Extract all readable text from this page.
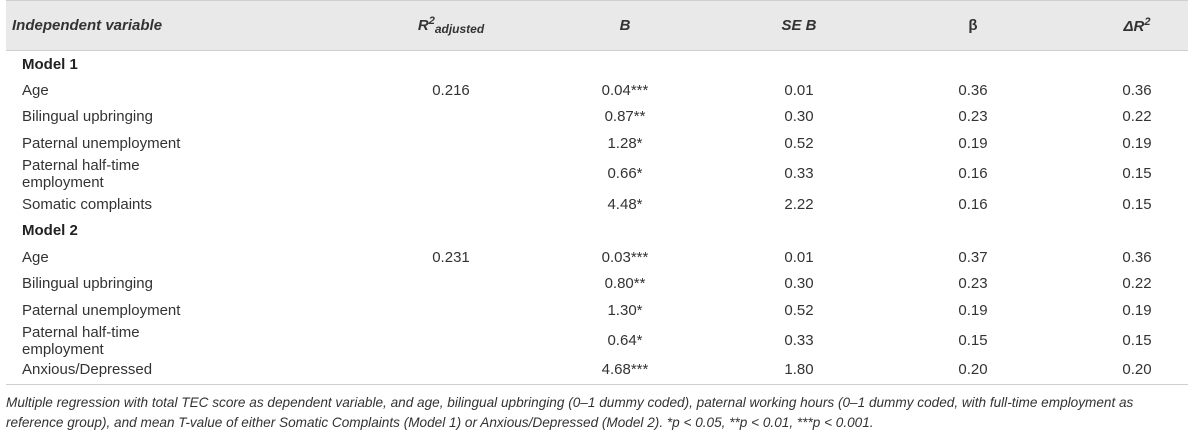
Independent variable		$R^2_{adjusted}$		B		SE B		β		$\Delta R^2$
Model 1										
Age		0.216		0.04***		0.01		0.36		0.36
Bilingual upbringing				0.87**		0.30		0.23		0.22
Paternal unemployment				1.28*		0.52		0.19		0.19
Paternal half-time employment				0.66*		0.33		0.16		0.15
Somatic complaints				4.48*		2.22		0.16		0.15
Model 2										
Age		0.231		0.03***		0.01		0.37		0.36
Bilingual upbringing				0.80**		0.30		0.23		0.22
Paternal unemployment				1.30*		0.52		0.19		0.19
Paternal half-time employment				0.64*		0.33		0.15		0.15
Anxious/Depressed				4.68***		1.80		0.20		0.20
Multiple regression with total TEC score as dependent variable, and age, bilingual upbringing (0–1 dummy coded), paternal working hours (0–1 dummy coded, with full-time employment as reference group), and mean T-value of either Somatic Complaints (Model 1) or Anxious/Depressed (Model 2). *p < 0.05, **p < 0.01, ***p < 0.001.
